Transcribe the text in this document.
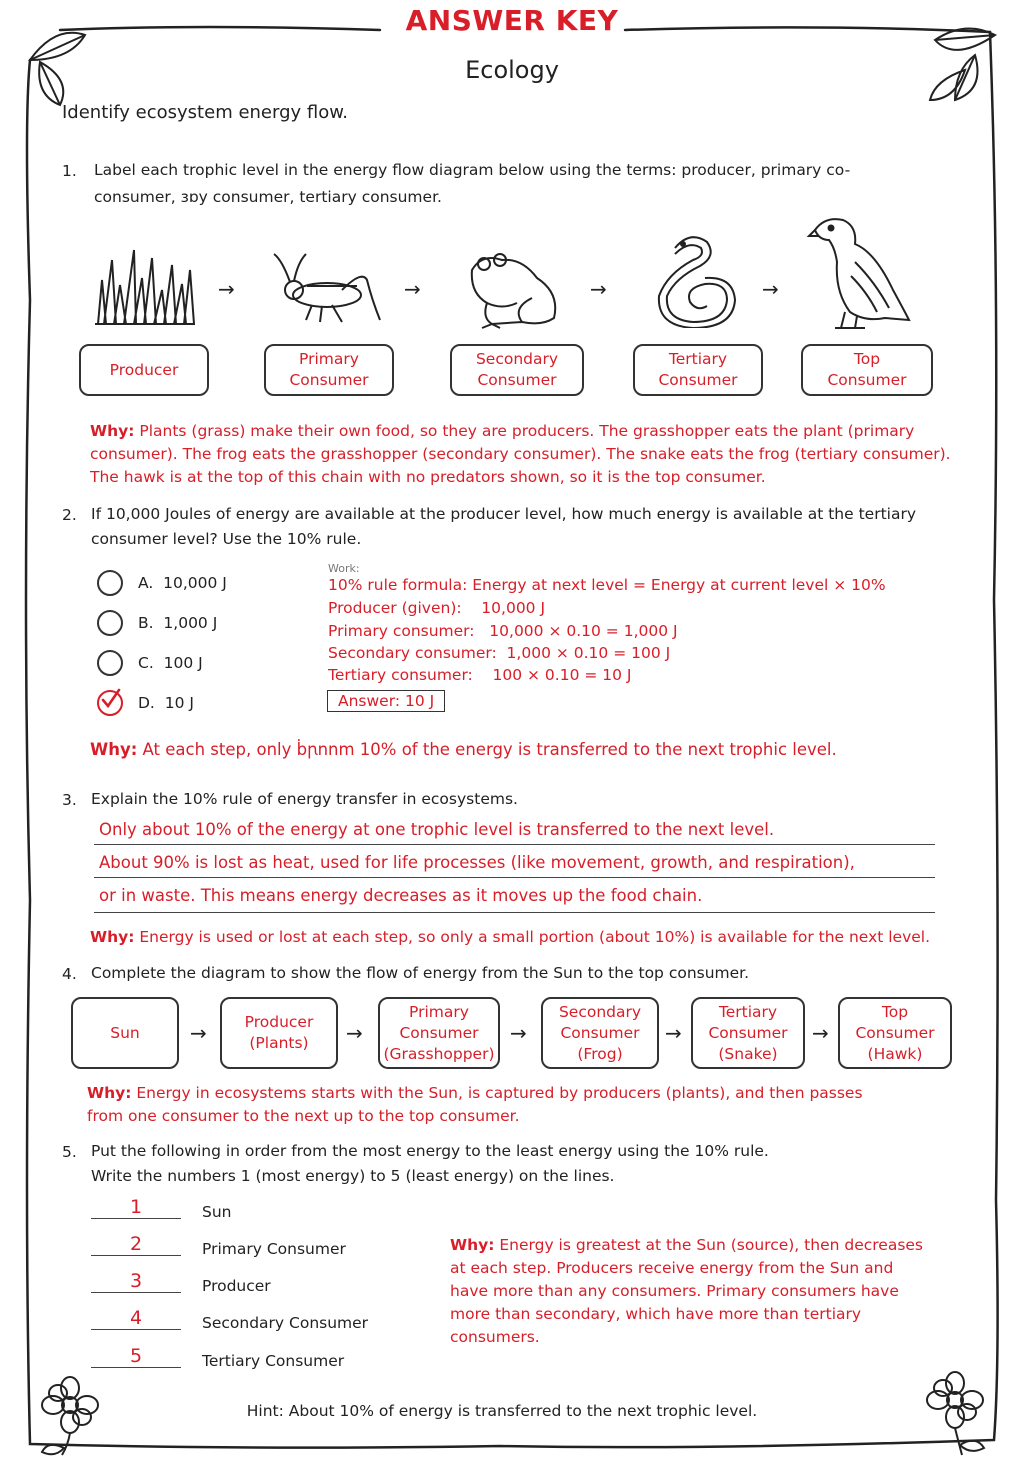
ANSWER KEY
Ecology
Identify ecosystem energy flow.
1. Label each trophic level in the energy flow diagram below using the terms: producer, primary co-
consumer, ɜɒy consumer, tertiary consumer.
→	→	→	→
Producer
Primary
Consumer
Secondary
Consumer
Tertiary
Consumer
Top
Consumer
Why: Plants (grass) make their own food, so they are producers. The grasshopper eats the plant (primary
consumer). The frog eats the grasshopper (secondary consumer). The snake eats the frog (tertiary consumer).
The hawk is at the top of this chain with no predators shown, so it is the top consumer.
2. If 10,000 Joules of energy are available at the producer level, how much energy is available at the tertiary
consumer level? Use the 10% rule.
A. 10,000 J
B. 1,000 J
C. 100 J
D. 10 J
Work:
10% rule formula: Energy at next level = Energy at current level × 10%
Producer (given):    10,000 J
Primary consumer:   10,000 × 0.10 = 1,000 J
Secondary consumer:  1,000 × 0.10 = 100 J
Tertiary consumer:    100 × 0.10 = 10 J
Answer: 10 J
Why: At each step, only ḃꞃnnm 10% of the energy is transferred to the next trophic level.
3. Explain the 10% rule of energy transfer in ecosystems.
Only about 10% of the energy at one trophic level is transferred to the next level.
About 90% is lost as heat, used for life processes (like movement, growth, and respiration),
or in waste. This means energy decreases as it moves up the food chain.
Why: Energy is used or lost at each step, so only a small portion (about 10%) is available for the next level.
4. Complete the diagram to show the flow of energy from the Sun to the top consumer.
Sun	→ Producer
(Plants) →
Primary
Consumer
(Grasshopper)
→
Secondary
Consumer
(Frog)
→
Tertiary
Consumer
(Snake)
→
Top
Consumer
(Hawk)
Why: Energy in ecosystems starts with the Sun, is captured by producers (plants), and then passes
from one consumer to the next up to the top consumer.
5. Put the following in order from the most energy to the least energy using the 10% rule.
Write the numbers 1 (most energy) to 5 (least energy) on the lines.
1	Sun
2	Primary Consumer
3	Producer
4	Secondary Consumer
5	Tertiary Consumer
Why: Energy is greatest at the Sun (source), then decreases
at each step. Producers receive energy from the Sun and
have more than any consumers. Primary consumers have
more than secondary, which have more than tertiary
consumers.
Hint: About 10% of energy is transferred to the next trophic level.
